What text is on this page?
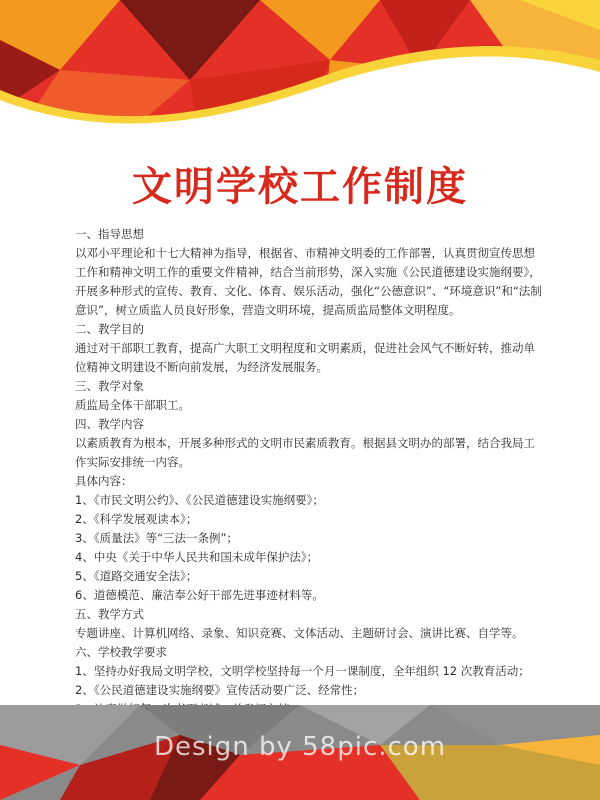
文明学校工作制度

一、指导思想

以邓小平理论和十七大精神为指导，根据省、市精神文明委的工作部署，认真贯彻宣传思想工作和精神文明工作的重要文件精神，结合当前形势，深入实施《公民道德建设实施纲要》，开展多种形式的宣传、教育、文化、体育、娱乐活动，强化“公德意识”、“环境意识”和“法制意识”，树立质监人员良好形象，营造文明环境，提高质监局整体文明程度。

二、教学目的

通过对干部职工教育，提高广大职工文明程度和文明素质，促进社会风气不断好转，推动单位精神文明建设不断向前发展，为经济发展服务。

三、教学对象

质监局全体干部职工。

四、教学内容

以素质教育为根本，开展多种形式的文明市民素质教育。根据县文明办的部署，结合我局工作实际安排统一内容。

具体内容：

1、《市民文明公约》、《公民道德建设实施纲要》；

2、《科学发展观读本》；

3、《质量法》等“三法一条例”；

4、中央《关于中华人民共和国未成年保护法》；

5、《道路交通安全法》；

6、道德模范、廉洁奉公好干部先进事迹材料等。

五、教学方式

专题讲座、计算机网络、录象、知识竞赛、文体活动、主题研讨会、演讲比赛、自学等。

六、学校教学要求

1、坚持办好我局文明学校，文明学校坚持每一个月一课制度，全年组织 12 次教育活动；

2、《公民道德建设实施纲要》宣传活动要广泛、经常性；

Design by 58pic.com
